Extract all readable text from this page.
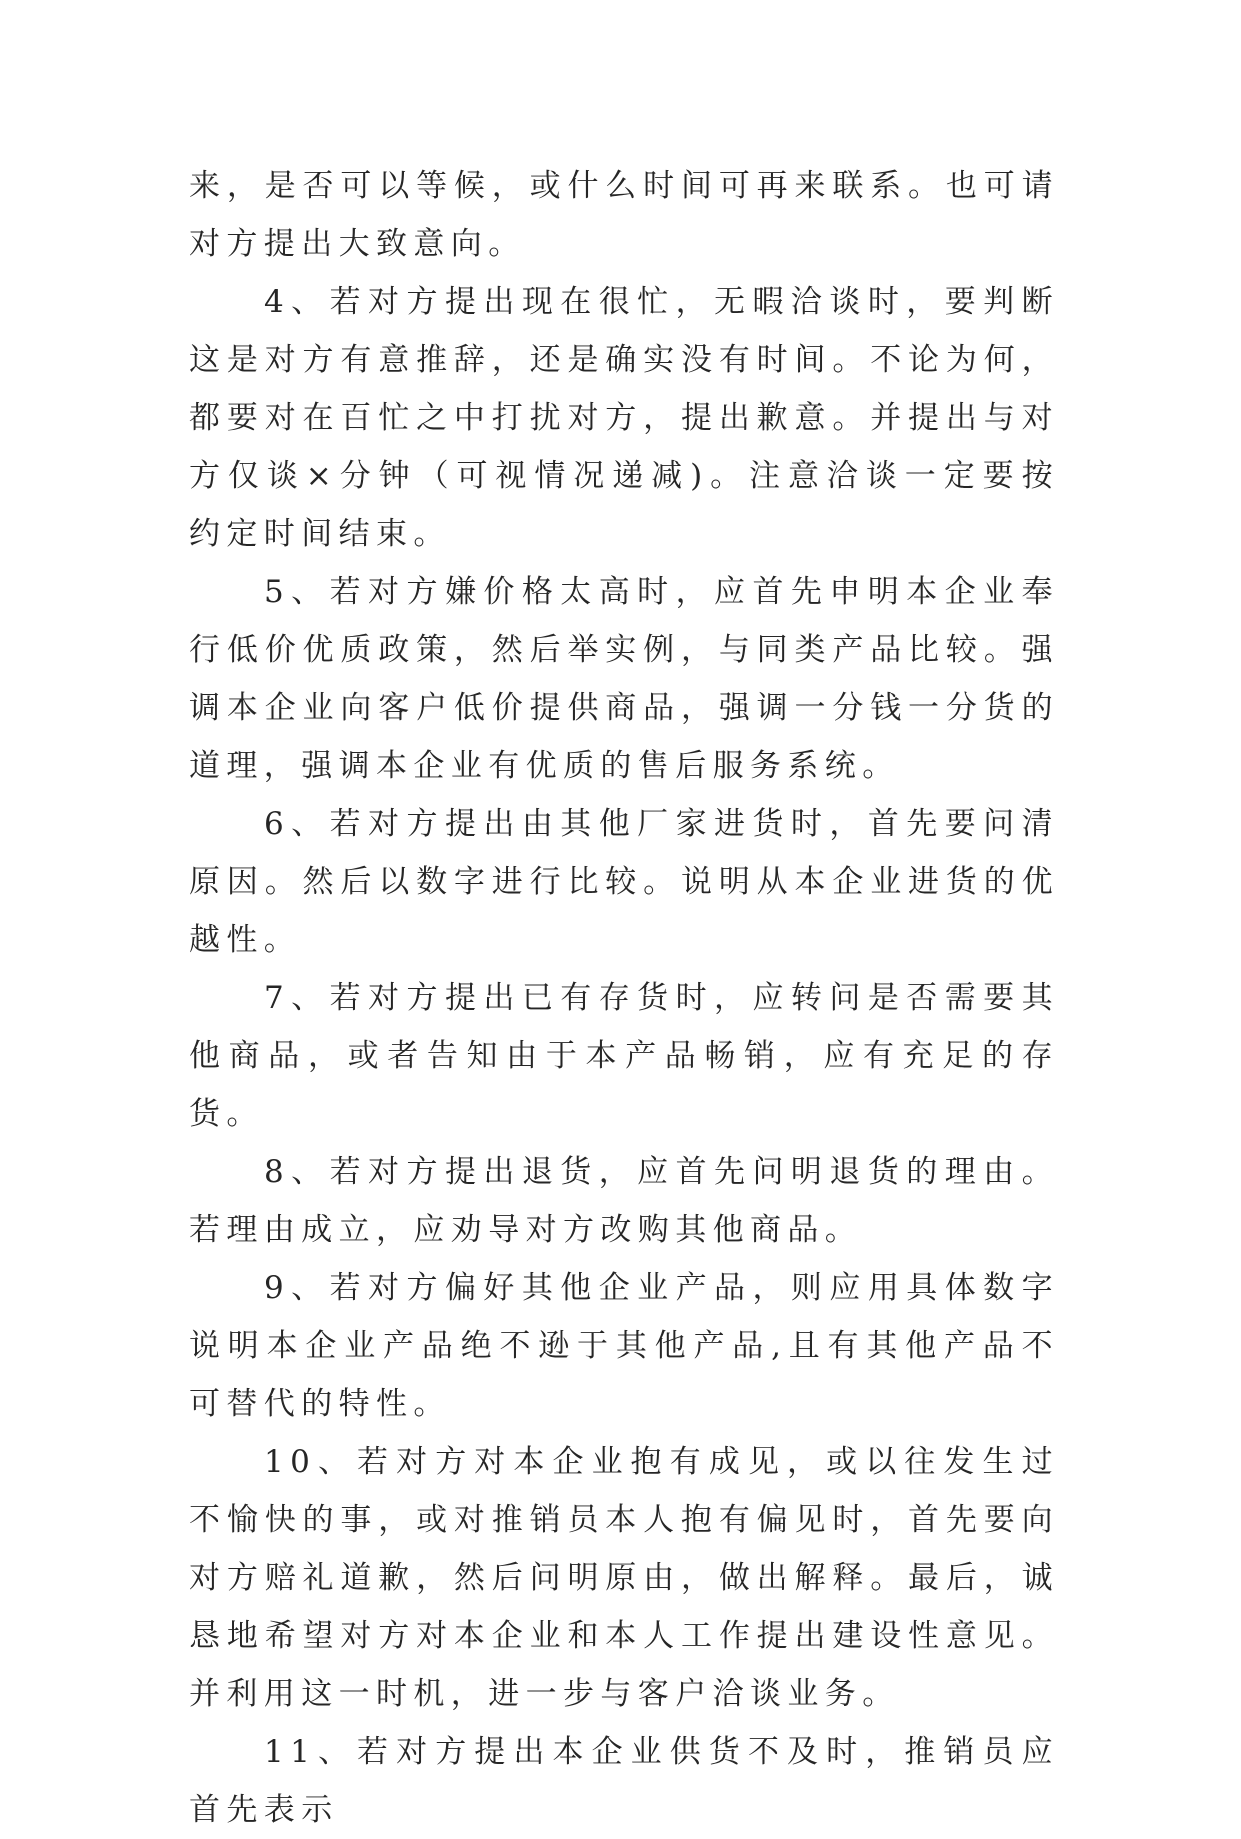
来，是否可以等候，或什么时间可再来联系。也可请对方提出大致意向。

4、若对方提出现在很忙，无暇洽谈时，要判断这是对方有意推辞，还是确实没有时间。不论为何，都要对在百忙之中打扰对方，提出歉意。并提出与对方仅谈×分钟（可视情况递减)。注意洽谈一定要按约定时间结束。

5、若对方嫌价格太高时，应首先申明本企业奉行低价优质政策，然后举实例，与同类产品比较。强调本企业向客户低价提供商品，强调一分钱一分货的道理，强调本企业有优质的售后服务系统。

6、若对方提出由其他厂家进货时，首先要问清原因。然后以数字进行比较。说明从本企业进货的优越性。

7、若对方提出已有存货时，应转问是否需要其他商品，或者告知由于本产品畅销，应有充足的存货。

8、若对方提出退货，应首先问明退货的理由。若理由成立，应劝导对方改购其他商品。

9、若对方偏好其他企业产品，则应用具体数字说明本企业产品绝不逊于其他产品,且有其他产品不可替代的特性。

10、若对方对本企业抱有成见，或以往发生过不愉快的事，或对推销员本人抱有偏见时，首先要向对方赔礼道歉，然后问明原由，做出解释。最后，诚恳地希望对方对本企业和本人工作提出建设性意见。并利用这一时机，进一步与客户洽谈业务。

11、若对方提出本企业供货不及时，推销员应首先表示
